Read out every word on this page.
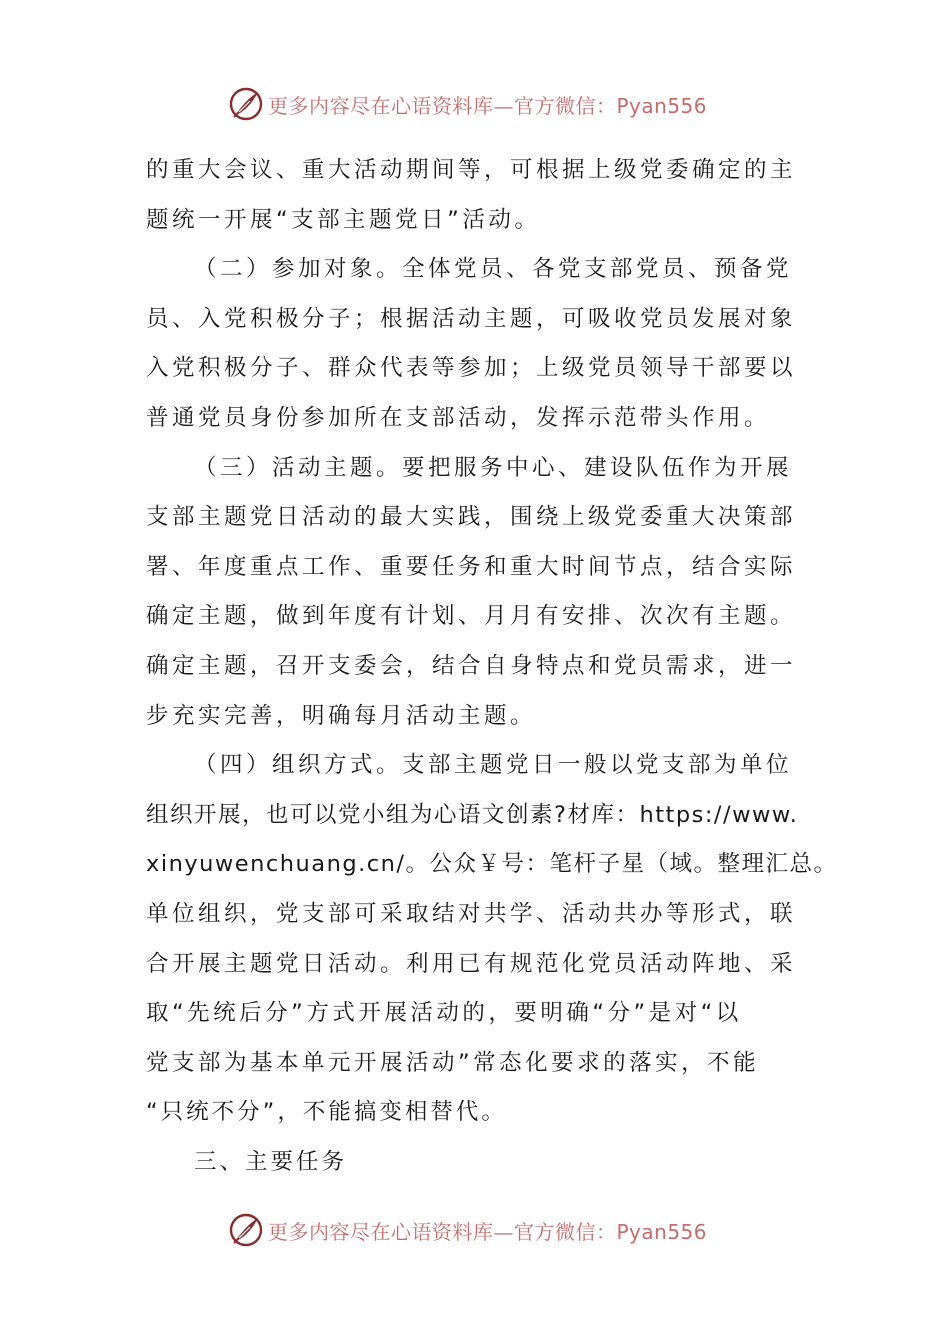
更多内容尽在心语资料库—官方微信：Pyan556
的重大会议、重大活动期间等，可根据上级党委确定的主
题统一开展“支部主题党日”活动。
（二）参加对象。全体党员、各党支部党员、预备党
员、入党积极分子；根据活动主题，可吸收党员发展对象
入党积极分子、群众代表等参加；上级党员领导干部要以
普通党员身份参加所在支部活动，发挥示范带头作用。
（三）活动主题。要把服务中心、建设队伍作为开展
支部主题党日活动的最大实践，围绕上级党委重大决策部
署、年度重点工作、重要任务和重大时间节点，结合实际
确定主题，做到年度有计划、月月有安排、次次有主题。
确定主题，召开支委会，结合自身特点和党员需求，进一
步充实完善，明确每月活动主题。
（四）组织方式。支部主题党日一般以党支部为单位
组织开展，也可以党小组为心语文创素?材库：https://www.
xinyuwenchuang.cn/。公众￥号：笔杆子星（域。整理汇总。
单位组织，党支部可采取结对共学、活动共办等形式，联
合开展主题党日活动。利用已有规范化党员活动阵地、采
取“先统后分”方式开展活动的，要明确“分”是对“以
党支部为基本单元开展活动”常态化要求的落实，不能
“只统不分”，不能搞变相替代。
三、主要任务
更多内容尽在心语资料库—官方微信：Pyan556
